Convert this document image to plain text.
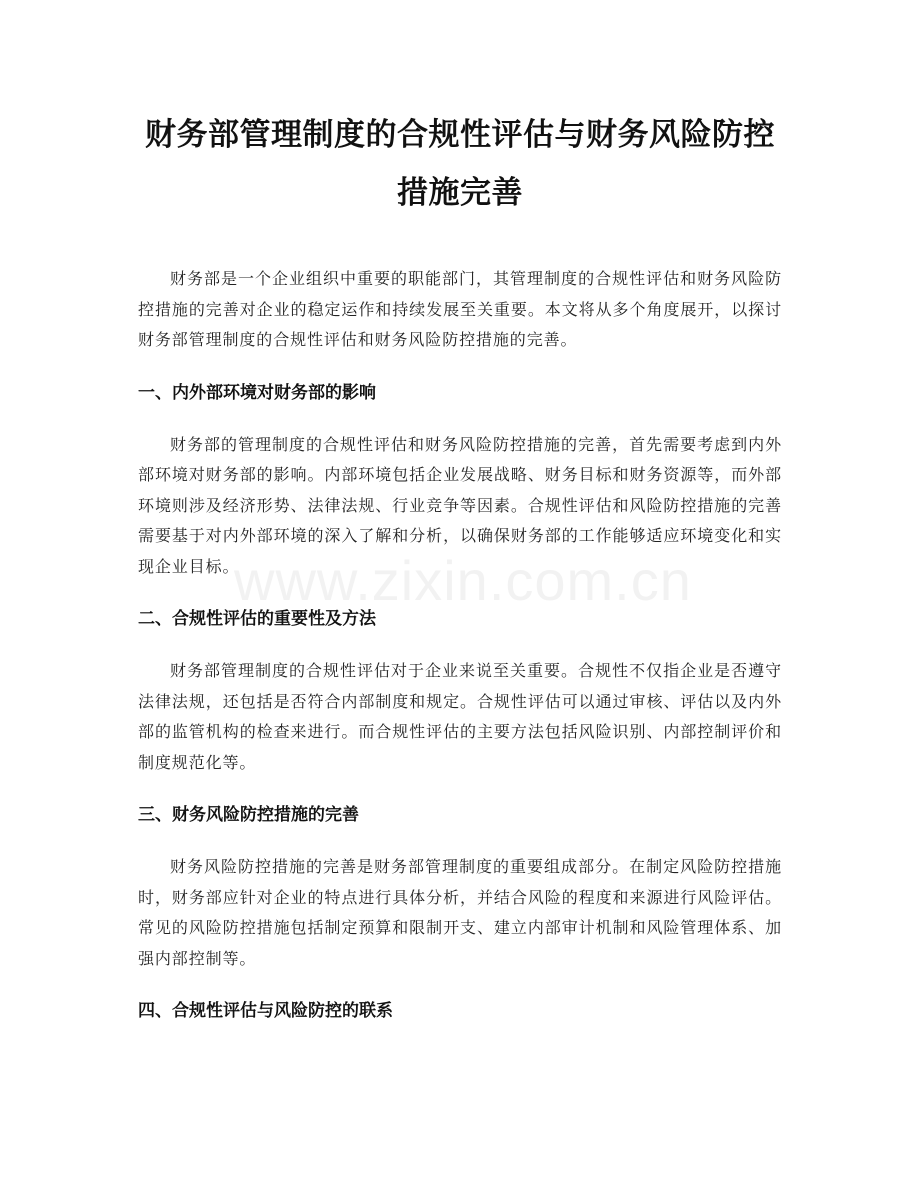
财务部管理制度的合规性评估与财务风险防控措施完善

财务部是一个企业组织中重要的职能部门，其管理制度的合规性评估和财务风险防控措施的完善对企业的稳定运作和持续发展至关重要。本文将从多个角度展开，以探讨财务部管理制度的合规性评估和财务风险防控措施的完善。

一、内外部环境对财务部的影响

财务部的管理制度的合规性评估和财务风险防控措施的完善，首先需要考虑到内外部环境对财务部的影响。内部环境包括企业发展战略、财务目标和财务资源等，而外部环境则涉及经济形势、法律法规、行业竞争等因素。合规性评估和风险防控措施的完善需要基于对内外部环境的深入了解和分析，以确保财务部的工作能够适应环境变化和实现企业目标。

二、合规性评估的重要性及方法

财务部管理制度的合规性评估对于企业来说至关重要。合规性不仅指企业是否遵守法律法规，还包括是否符合内部制度和规定。合规性评估可以通过审核、评估以及内外部的监管机构的检查来进行。而合规性评估的主要方法包括风险识别、内部控制评价和制度规范化等。

三、财务风险防控措施的完善

财务风险防控措施的完善是财务部管理制度的重要组成部分。在制定风险防控措施时，财务部应针对企业的特点进行具体分析，并结合风险的程度和来源进行风险评估。常见的风险防控措施包括制定预算和限制开支、建立内部审计机制和风险管理体系、加强内部控制等。

四、合规性评估与风险防控的联系
www.zixin.com.cn
